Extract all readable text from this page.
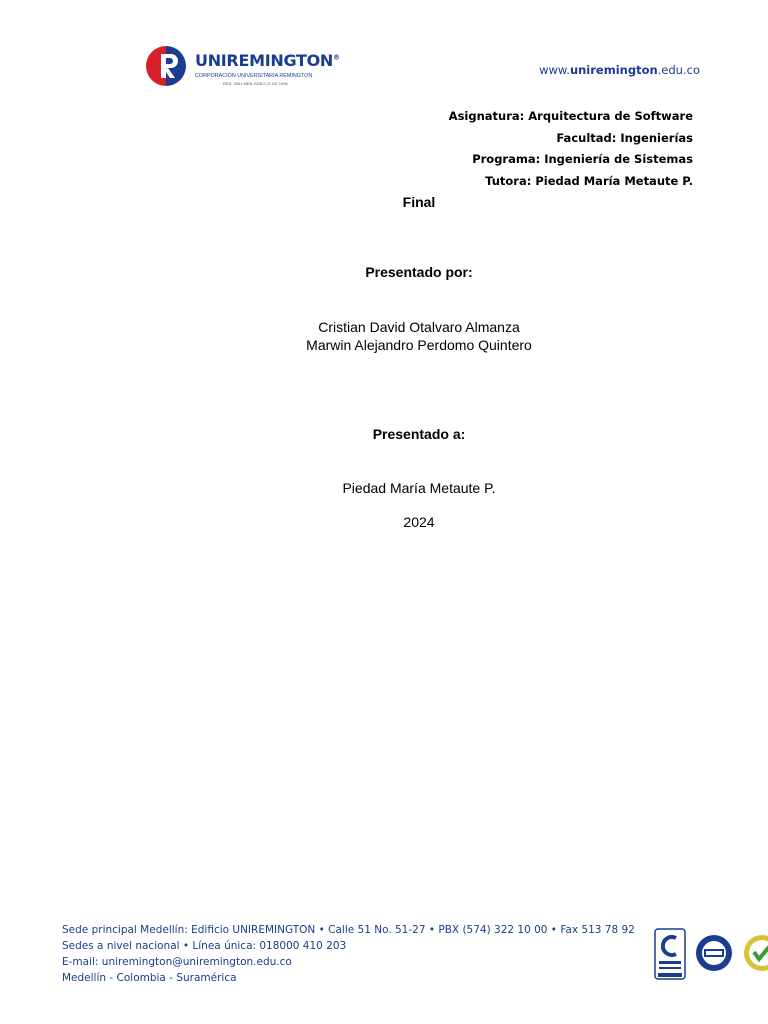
UNIREMINGTON®
CORPORACIÓN UNIVERSITARIA REMINGTON
RES. 2661 MEN JUNIO 21 DE 1996
www.uniremington.edu.co
Asignatura: Arquitectura de Software
Facultad: Ingenierías
Programa: Ingeniería de Sistemas
Tutora: Piedad María Metaute P.
Final
Presentado por:
Cristian David Otalvaro Almanza
Marwin Alejandro Perdomo Quintero
Presentado a:
Piedad María Metaute P.
2024
Sede principal Medellín: Edificio UNIREMINGTON • Calle 51 No. 51-27 • PBX (574) 322 10 00 • Fax 513 78 92
Sedes a nivel nacional • Línea única: 018000 410 203
E-mail: uniremington@uniremington.edu.co
Medellín - Colombia - Suramérica
